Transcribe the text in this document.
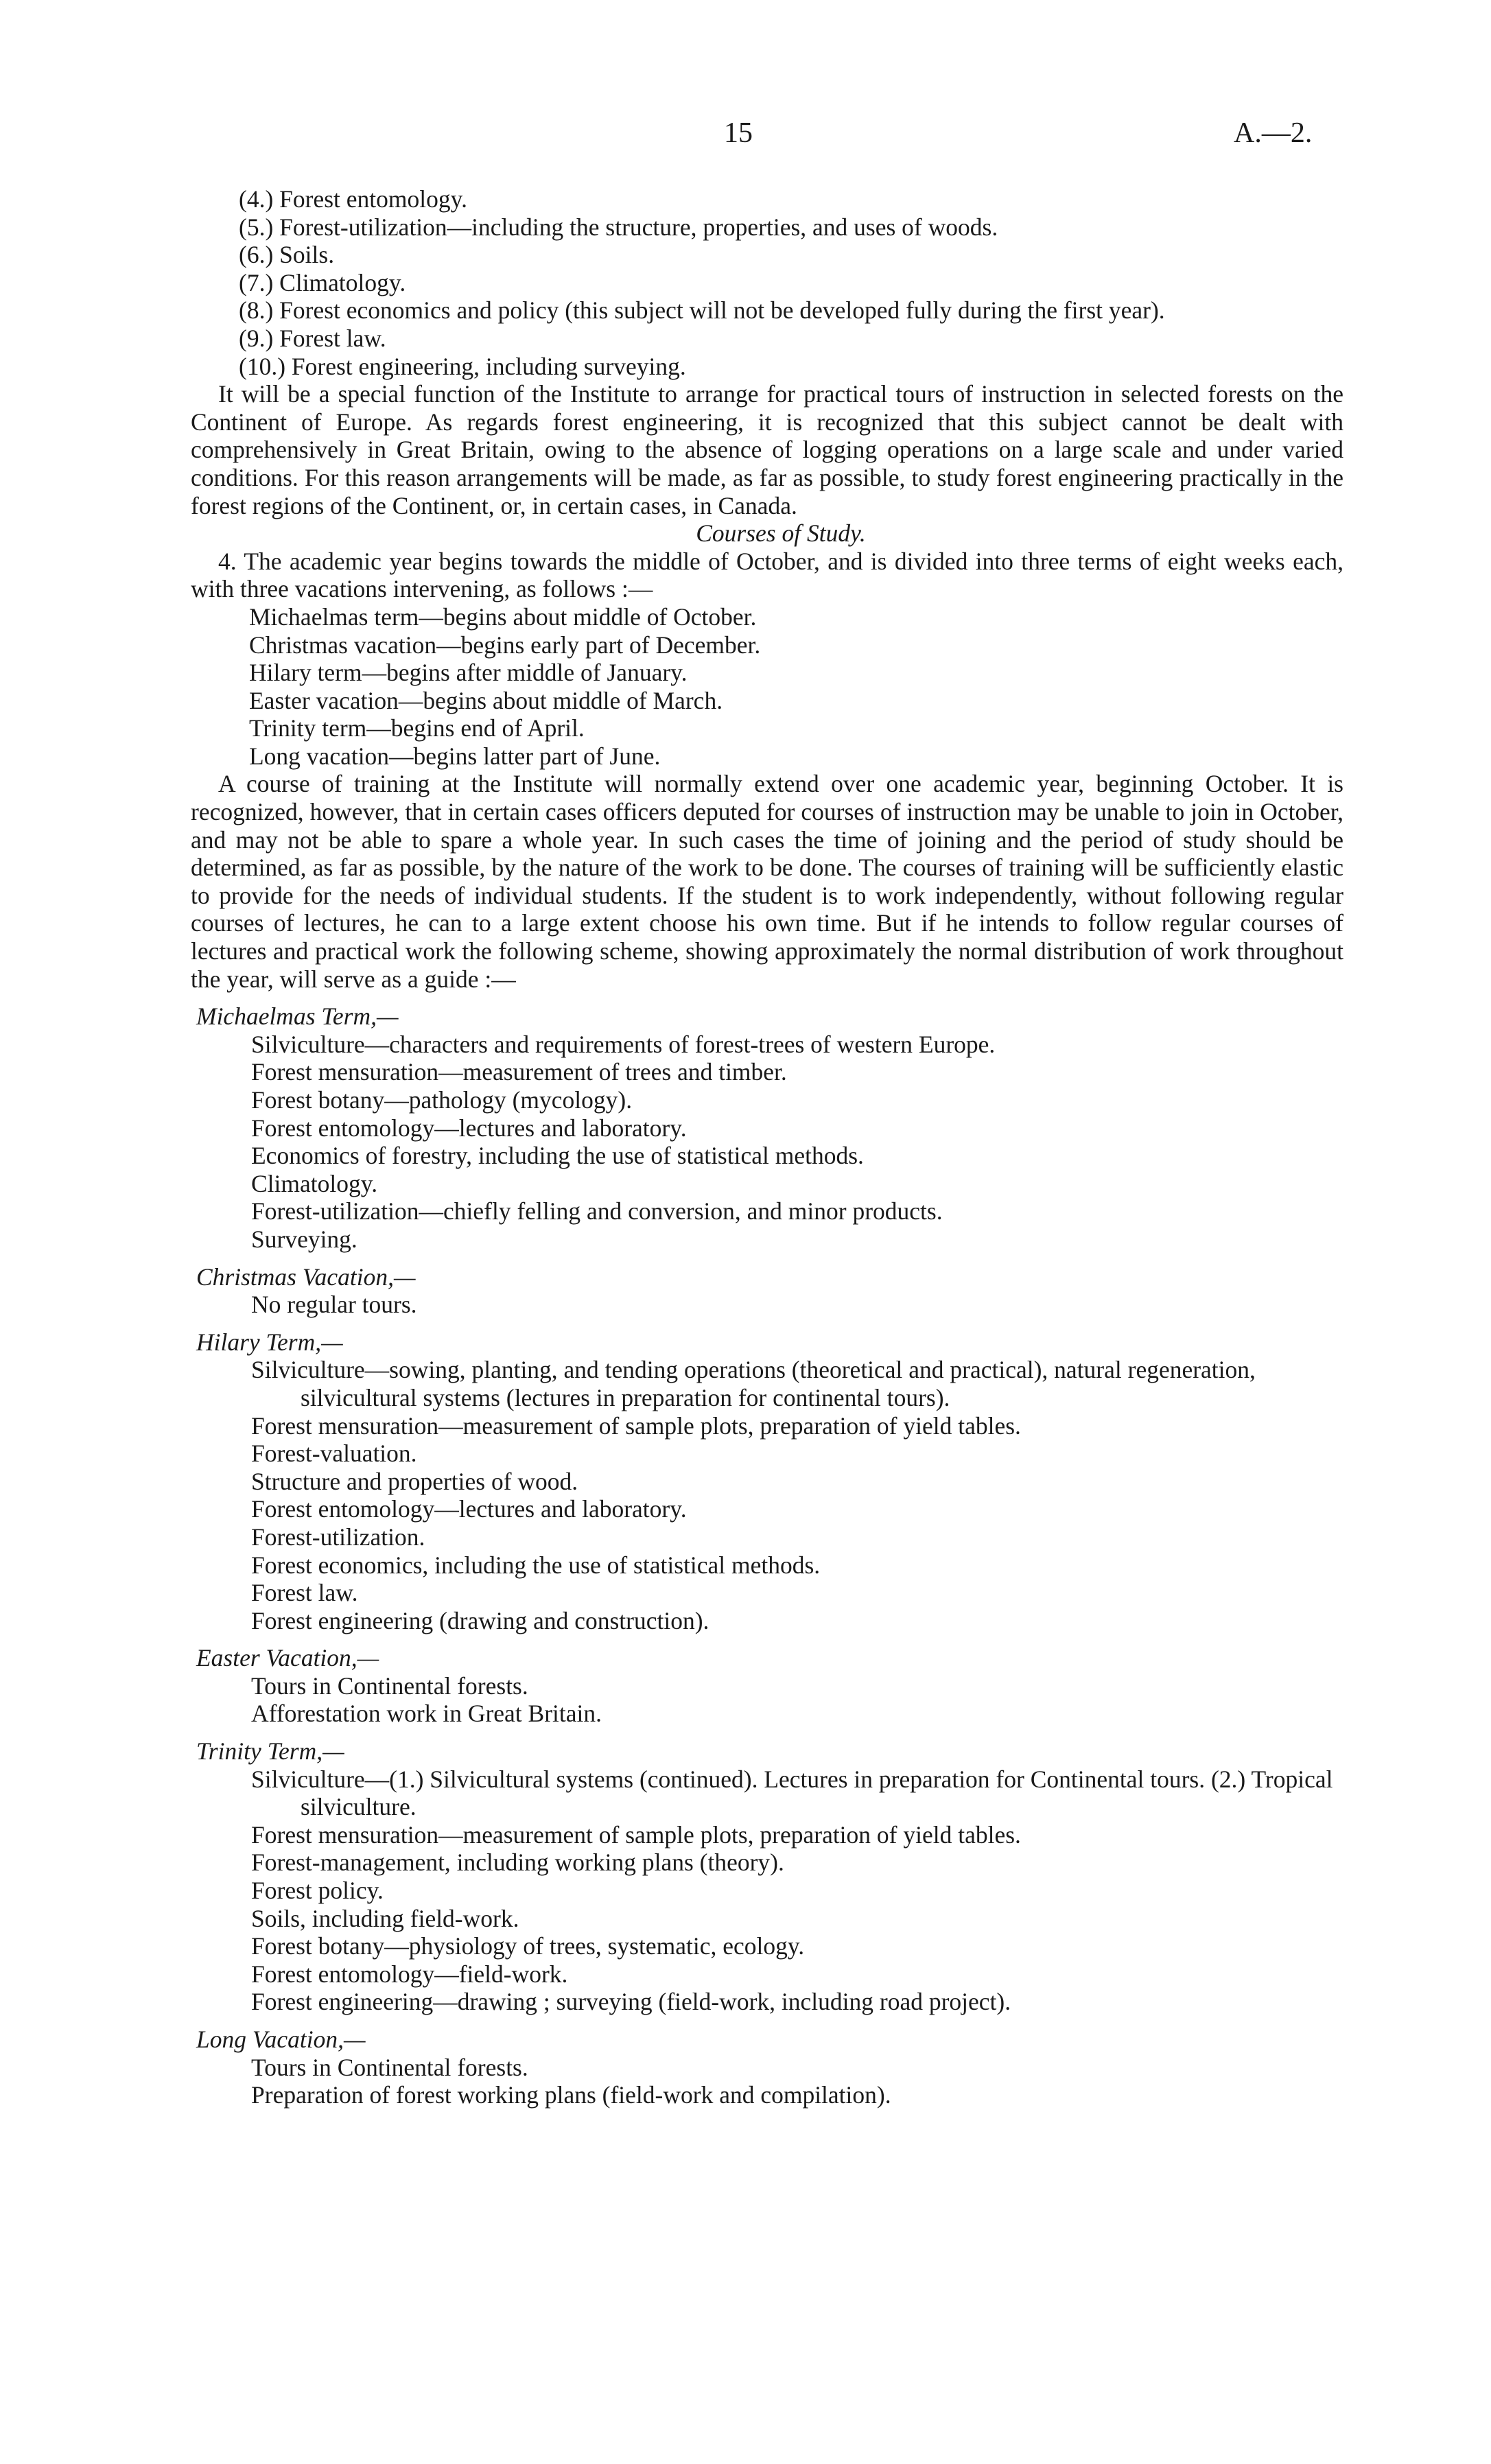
15	A.—2.
(4.) Forest entomology.
(5.) Forest-utilization—including the structure, properties, and uses of woods.
(6.) Soils.
(7.) Climatology.
(8.) Forest economics and policy (this subject will not be developed fully during the first year).
(9.) Forest law.
(10.) Forest engineering, including surveying.

It will be a special function of the Institute to arrange for practical tours of instruction in selected forests on the Continent of Europe. As regards forest engineering, it is recognized that this subject cannot be dealt with comprehensively in Great Britain, owing to the absence of logging operations on a large scale and under varied conditions. For this reason arrangements will be made, as far as possible, to study forest engineering practically in the forest regions of the Continent, or, in certain cases, in Canada.

Courses of Study.

4. The academic year begins towards the middle of October, and is divided into three terms of eight weeks each, with three vacations intervening, as follows :—

Michaelmas term—begins about middle of October.
Christmas vacation—begins early part of December.
Hilary term—begins after middle of January.
Easter vacation—begins about middle of March.
Trinity term—begins end of April.
Long vacation—begins latter part of June.

A course of training at the Institute will normally extend over one academic year, beginning October. It is recognized, however, that in certain cases officers deputed for courses of instruction may be unable to join in October, and may not be able to spare a whole year. In such cases the time of joining and the period of study should be determined, as far as possible, by the nature of the work to be done. The courses of training will be sufficiently elastic to provide for the needs of individual students. If the student is to work independently, without following regular courses of lectures, he can to a large extent choose his own time. But if he intends to follow regular courses of lectures and practical work the following scheme, showing approximately the normal distribution of work throughout the year, will serve as a guide :—

Michaelmas Term,—
Silviculture—characters and requirements of forest-trees of western Europe.
Forest mensuration—measurement of trees and timber.
Forest botany—pathology (mycology).
Forest entomology—lectures and laboratory.
Economics of forestry, including the use of statistical methods.
Climatology.
Forest-utilization—chiefly felling and conversion, and minor products.
Surveying.
Christmas Vacation,—
No regular tours.
Hilary Term,—
Silviculture—sowing, planting, and tending operations (theoretical and practical), natural regeneration, silvicultural systems (lectures in preparation for continental tours).
Forest mensuration—measurement of sample plots, preparation of yield tables.
Forest-valuation.
Structure and properties of wood.
Forest entomology—lectures and laboratory.
Forest-utilization.
Forest economics, including the use of statistical methods.
Forest law.
Forest engineering (drawing and construction).
Easter Vacation,—
Tours in Continental forests.
Afforestation work in Great Britain.
Trinity Term,—
Silviculture—(1.) Silvicultural systems (continued). Lectures in preparation for Continental tours. (2.) Tropical silviculture.
Forest mensuration—measurement of sample plots, preparation of yield tables.
Forest-management, including working plans (theory).
Forest policy.
Soils, including field-work.
Forest botany—physiology of trees, systematic, ecology.
Forest entomology—field-work.
Forest engineering—drawing ; surveying (field-work, including road project).
Long Vacation,—
Tours in Continental forests.
Preparation of forest working plans (field-work and compilation).
